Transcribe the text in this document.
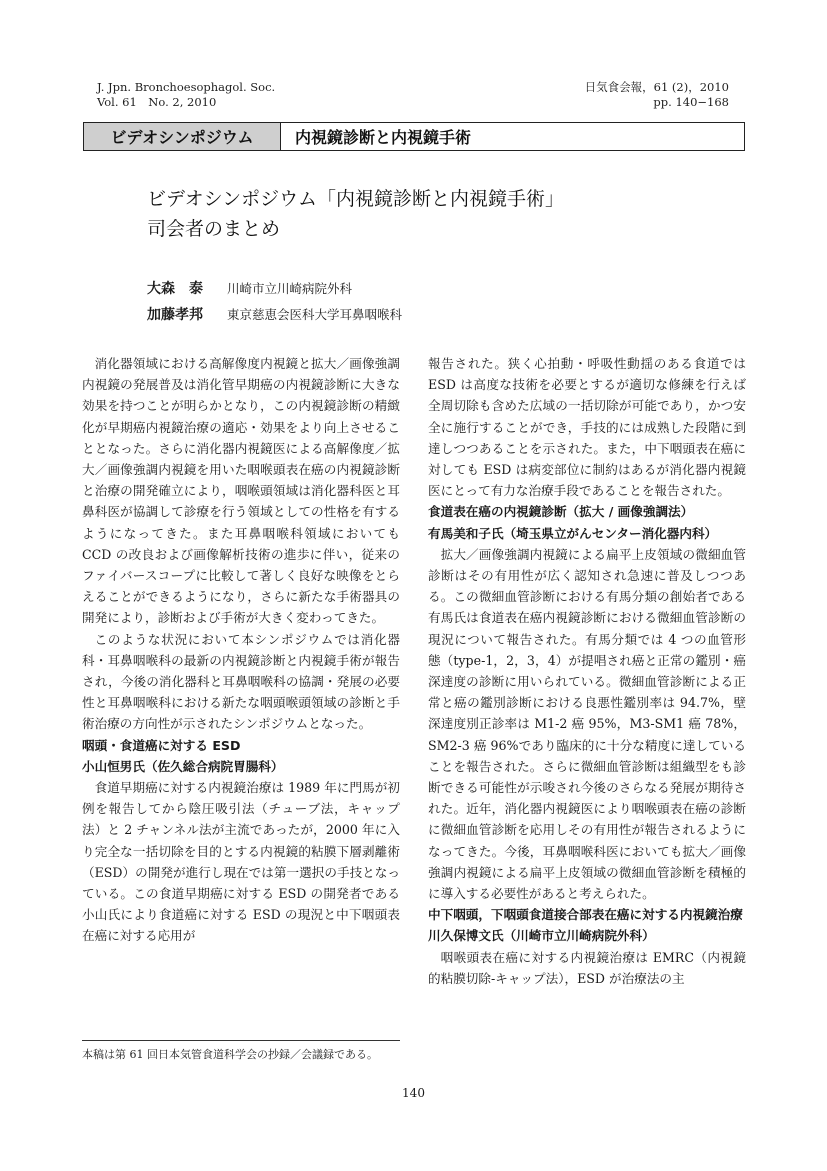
J. Jpn. Bronchoesophagol. Soc.
Vol. 61　No. 2, 2010
日気食会報，61 (2)，2010
pp. 140−168
ビデオシンポジウム	内視鏡診断と内視鏡手術
ビデオシンポジウム「内視鏡診断と内視鏡手術」
司会者のまとめ
大森　泰	川崎市立川崎病院外科
加藤孝邦	東京慈恵会医科大学耳鼻咽喉科

消化器領域における高解像度内視鏡と拡大／画像強調内視鏡の発展普及は消化管早期癌の内視鏡診断に大きな効果を持つことが明らかとなり，この内視鏡診断の精緻化が早期癌内視鏡治療の適応・効果をより向上させることとなった。さらに消化器内視鏡医による高解像度／拡大／画像強調内視鏡を用いた咽喉頭表在癌の内視鏡診断と治療の開発確立により，咽喉頭領域は消化器科医と耳鼻科医が協調して診療を行う領域としての性格を有するようになってきた。また耳鼻咽喉科領域においても CCD の改良および画像解析技術の進歩に伴い，従来のファイバースコープに比較して著しく良好な映像をとらえることができるようになり，さらに新たな手術器具の開発により，診断および手術が大きく変わってきた。

このような状況において本シンポジウムでは消化器科・耳鼻咽喉科の最新の内視鏡診断と内視鏡手術が報告され，今後の消化器科と耳鼻咽喉科の協調・発展の必要性と耳鼻咽喉科における新たな咽頭喉頭領域の診断と手術治療の方向性が示されたシンポジウムとなった。

咽頭・食道癌に対する ESD

小山恒男氏（佐久総合病院胃腸科）

食道早期癌に対する内視鏡治療は 1989 年に門馬が初例を報告してから陰圧吸引法（チューブ法，キャップ法）と 2 チャンネル法が主流であったが，2000 年に入り完全な一括切除を目的とする内視鏡的粘膜下層剥離術（ESD）の開発が進行し現在では第一選択の手技となっている。この食道早期癌に対する ESD の開発者である小山氏により食道癌に対する ESD の現況と中下咽頭表在癌に対する応用が

報告された。狭く心拍動・呼吸性動揺のある食道では ESD は高度な技術を必要とするが適切な修練を行えば全周切除も含めた広域の一括切除が可能であり，かつ安全に施行することができ，手技的には成熟した段階に到達しつつあることを示された。また，中下咽頭表在癌に対しても ESD は病変部位に制約はあるが消化器内視鏡医にとって有力な治療手段であることを報告された。

食道表在癌の内視鏡診断（拡大 / 画像強調法）

有馬美和子氏（埼玉県立がんセンター消化器内科）

拡大／画像強調内視鏡による扁平上皮領域の微細血管診断はその有用性が広く認知され急速に普及しつつある。この微細血管診断における有馬分類の創始者である有馬氏は食道表在癌内視鏡診断における微細血管診断の現況について報告された。有馬分類では 4 つの血管形態（type-1，2，3，4）が提唱され癌と正常の鑑別・癌深達度の診断に用いられている。微細血管診断による正常と癌の鑑別診断における良悪性鑑別率は 94.7%，壁深達度別正診率は M1-2 癌 95%，M3-SM1 癌 78%，SM2-3 癌 96%であり臨床的に十分な精度に達していることを報告された。さらに微細血管診断は組織型をも診断できる可能性が示唆され今後のさらなる発展が期待された。近年，消化器内視鏡医により咽喉頭表在癌の診断に微細血管診断を応用しその有用性が報告されるようになってきた。今後，耳鼻咽喉科医においても拡大／画像強調内視鏡による扁平上皮領域の微細血管診断を積極的に導入する必要性があると考えられた。

中下咽頭，下咽頭食道接合部表在癌に対する内視鏡治療

川久保博文氏（川崎市立川崎病院外科）

咽喉頭表在癌に対する内視鏡治療は EMRC（内視鏡的粘膜切除-キャップ法），ESD が治療法の主

本稿は第 61 回日本気管食道科学会の抄録／会議録である。
140
